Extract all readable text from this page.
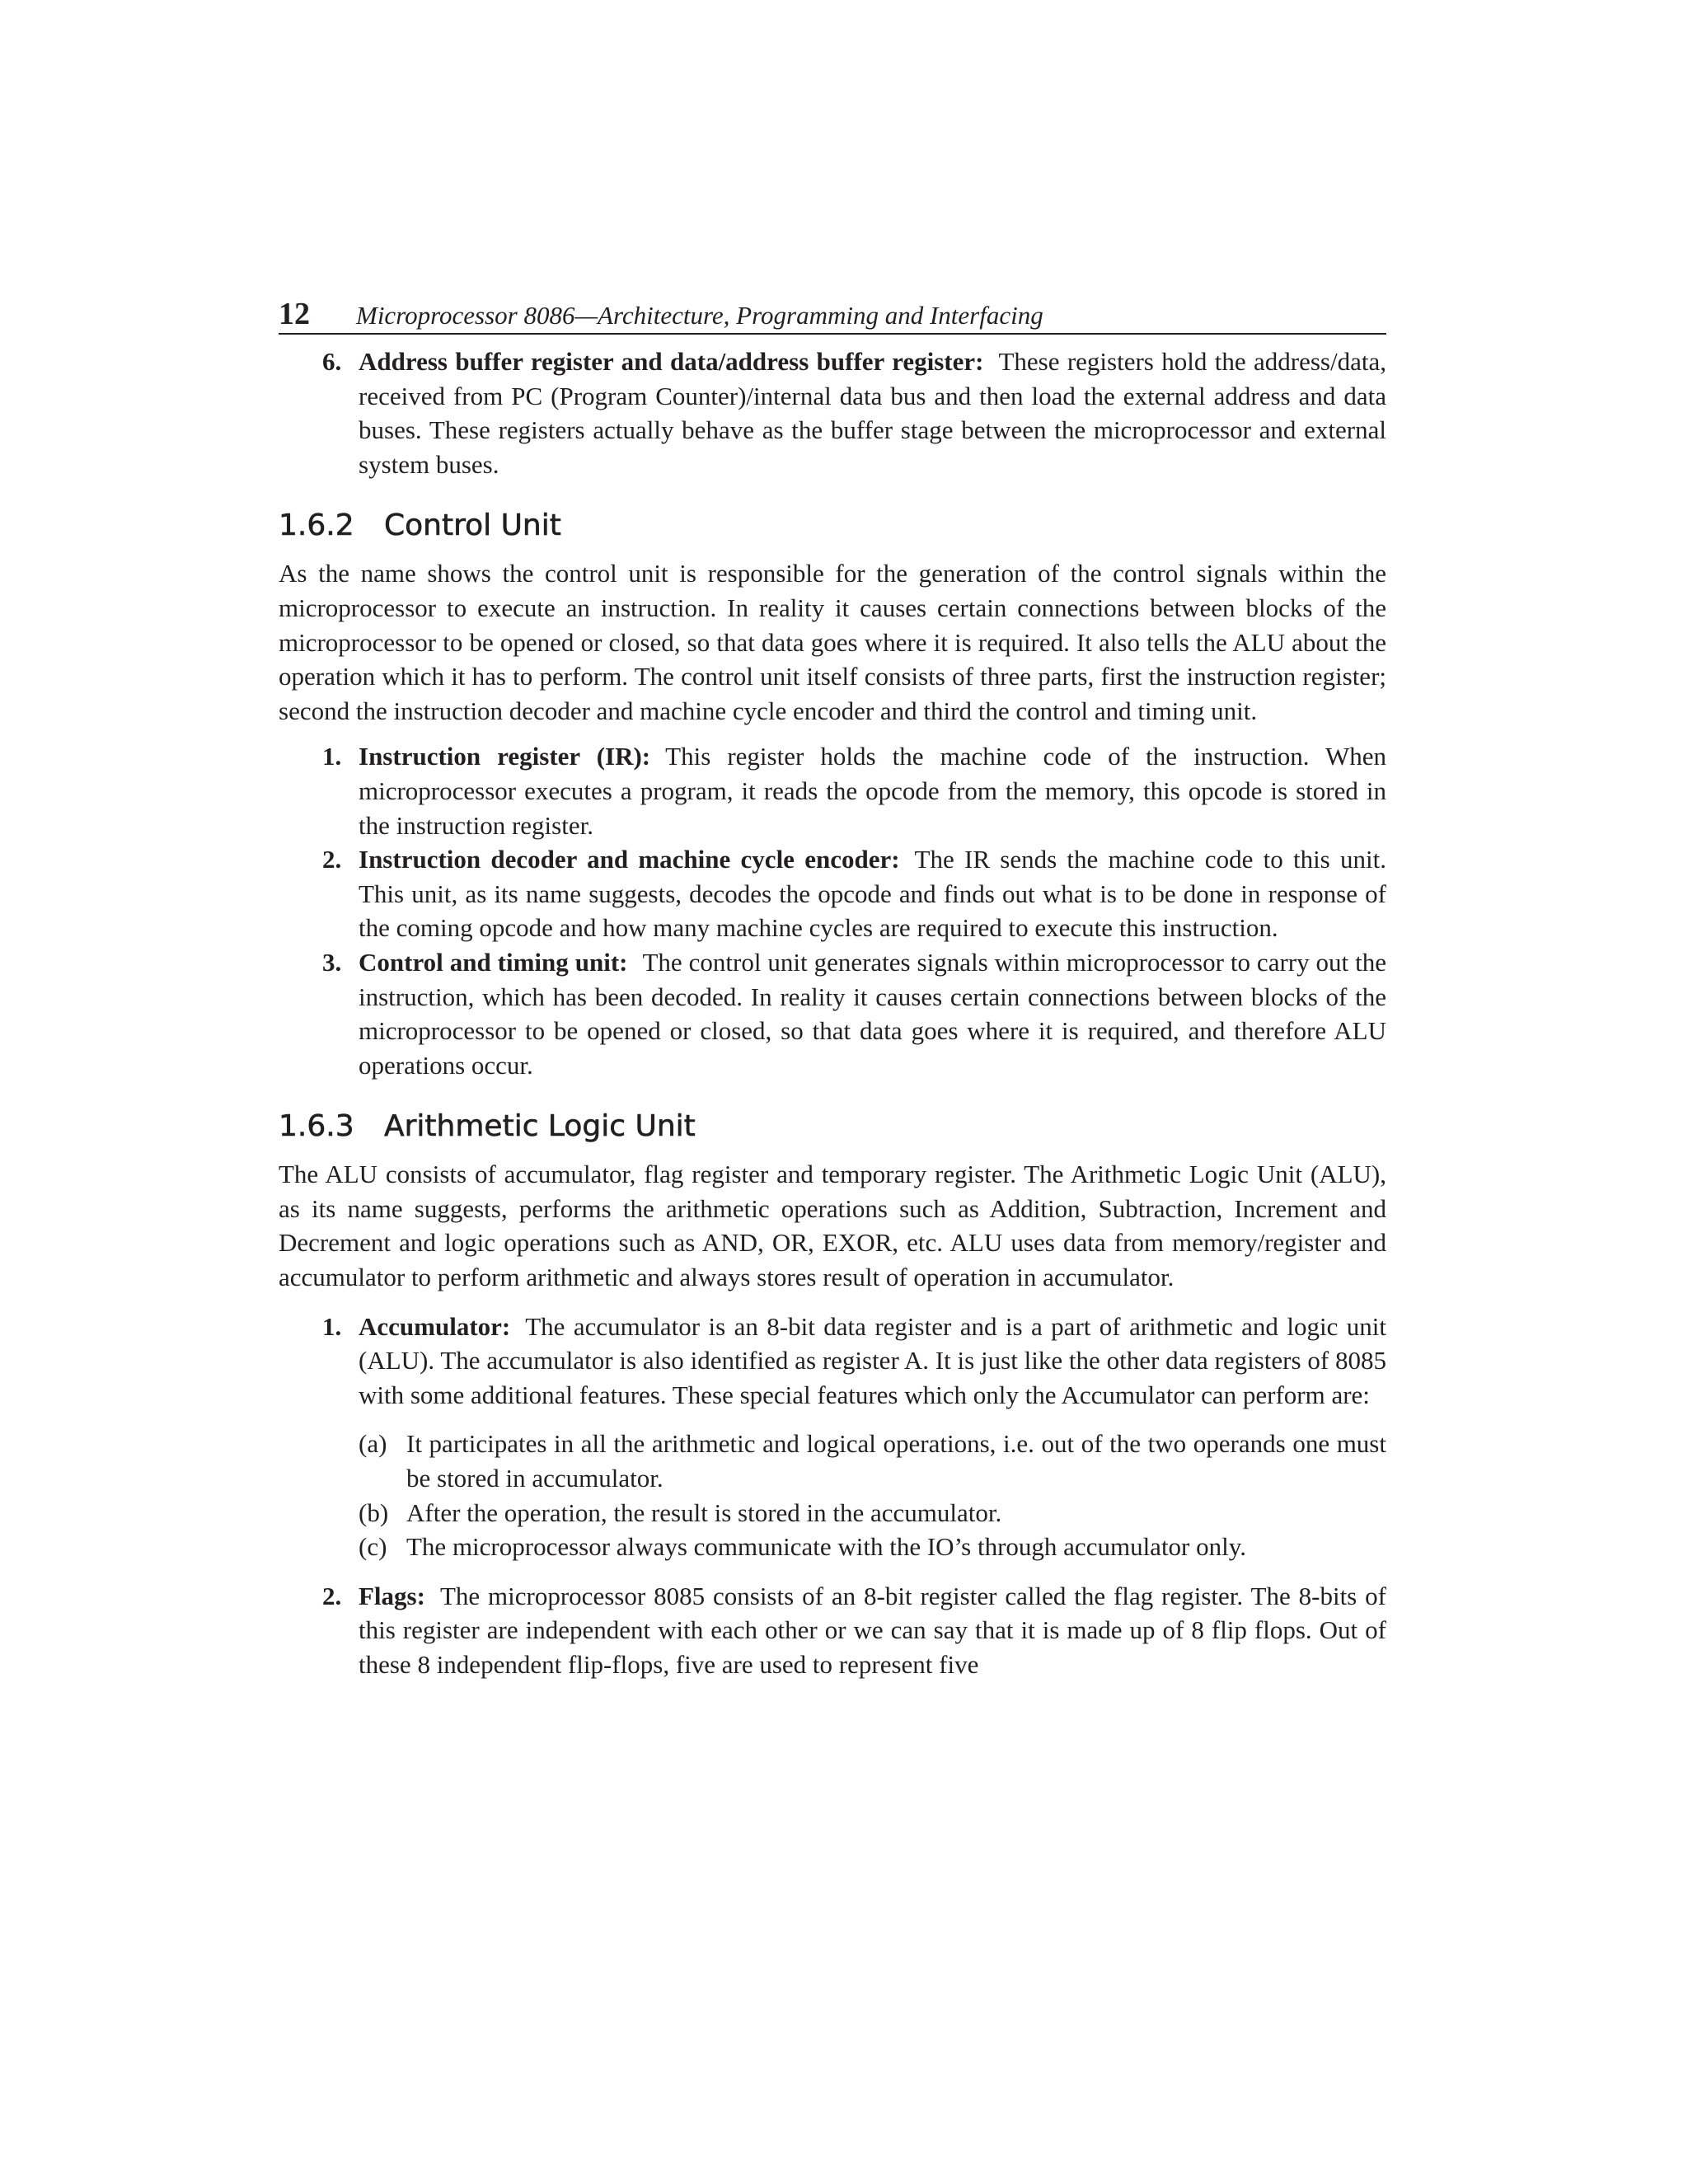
12	Microprocessor 8086—Architecture, Programming and Interfacing
6. Address buffer register and data/address buffer register: These registers hold the address/data, received from PC (Program Counter)/internal data bus and then load the external address and data buses. These registers actually behave as the buffer stage between the microprocessor and external system buses.
1.6.2 Control Unit

As the name shows the control unit is responsible for the generation of the control signals within the microprocessor to execute an instruction. In reality it causes certain connections between blocks of the microprocessor to be opened or closed, so that data goes where it is required. It also tells the ALU about the operation which it has to perform. The control unit itself consists of three parts, first the instruction register; second the instruction decoder and machine cycle encoder and third the control and timing unit.

1. Instruction register (IR): This register holds the machine code of the instruction. When microprocessor executes a program, it reads the opcode from the memory, this opcode is stored in the instruction register.
2. Instruction decoder and machine cycle encoder: The IR sends the machine code to this unit. This unit, as its name suggests, decodes the opcode and finds out what is to be done in response of the coming opcode and how many machine cycles are required to execute this instruction.
3. Control and timing unit: The control unit generates signals within microprocessor to carry out the instruction, which has been decoded. In reality it causes certain connections between blocks of the microprocessor to be opened or closed, so that data goes where it is required, and therefore ALU operations occur.
1.6.3 Arithmetic Logic Unit

The ALU consists of accumulator, flag register and temporary register. The Arithmetic Logic Unit (ALU), as its name suggests, performs the arithmetic operations such as Addition, Subtraction, Increment and Decrement and logic operations such as AND, OR, EXOR, etc. ALU uses data from memory/register and accumulator to perform arithmetic and always stores result of operation in accumulator.

1. Accumulator: The accumulator is an 8-bit data register and is a part of arithmetic and logic unit (ALU). The accumulator is also identified as register A. It is just like the other data registers of 8085 with some additional features. These special features which only the Accumulator can perform are:
(a) It participates in all the arithmetic and logical operations, i.e. out of the two operands one must be stored in accumulator.
(b) After the operation, the result is stored in the accumulator.
(c) The microprocessor always communicate with the IO’s through accumulator only.
2. Flags: The microprocessor 8085 consists of an 8-bit register called the flag register. The 8-bits of this register are independent with each other or we can say that it is made up of 8 flip flops. Out of these 8 independent flip-flops, five are used to represent five
